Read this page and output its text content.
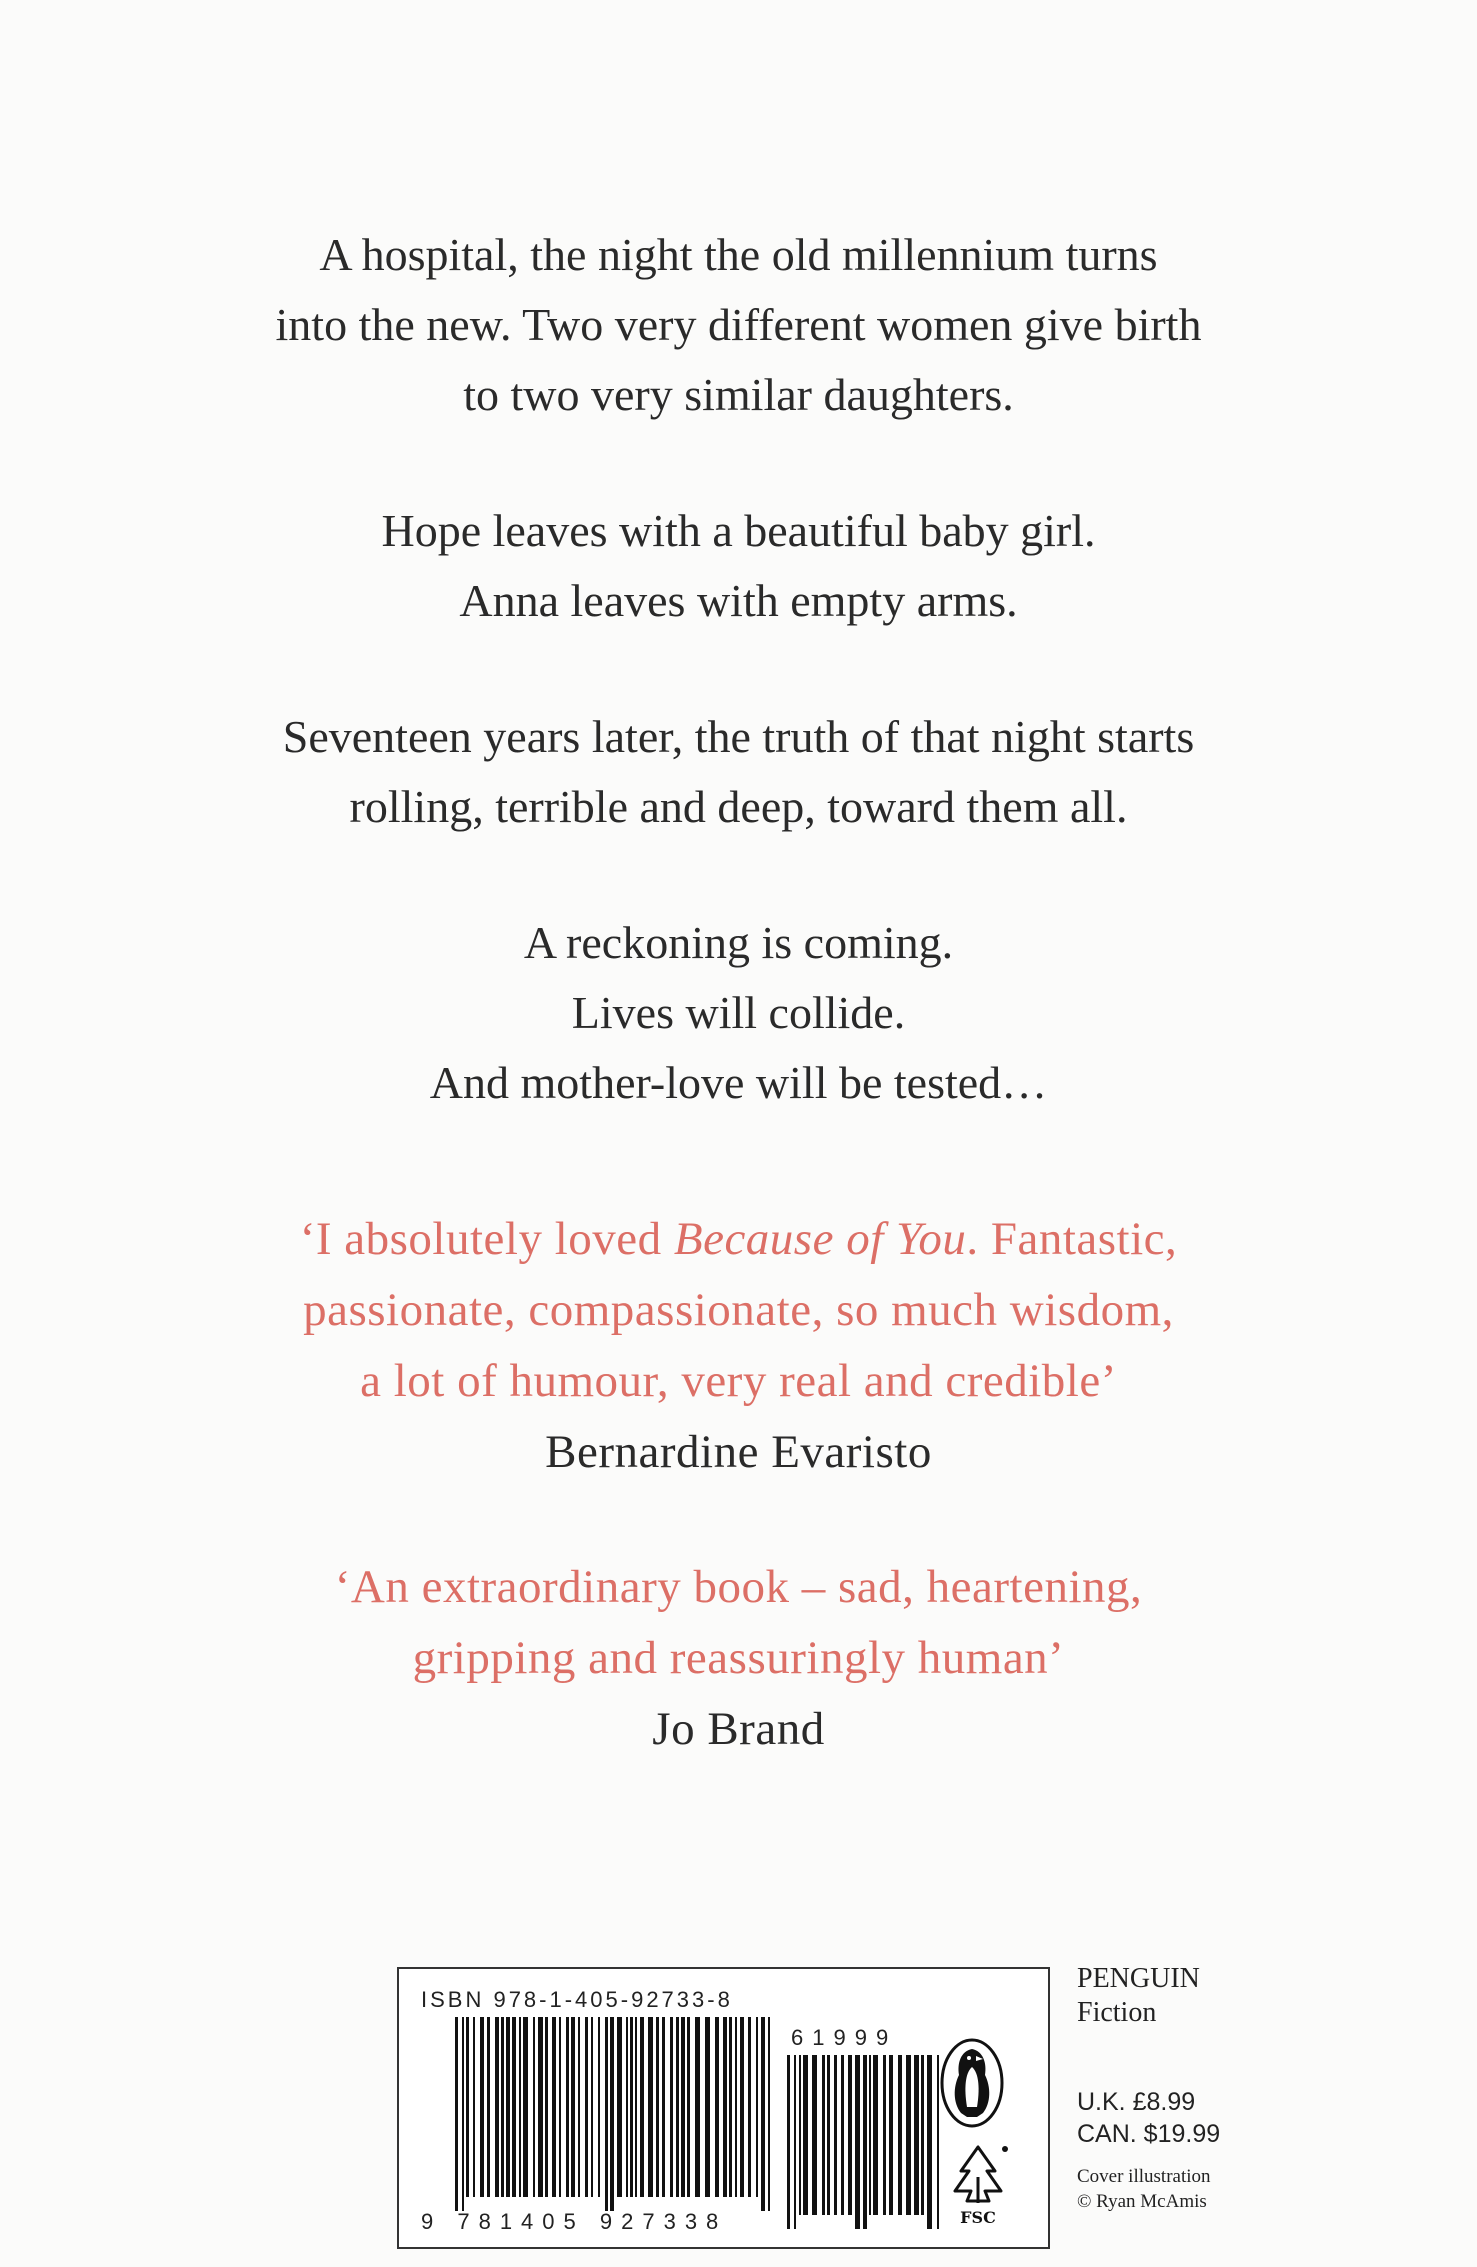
A hospital, the night the old millennium turns

into the new. Two very different women give birth

to two very similar daughters.

Hope leaves with a beautiful baby girl.

Anna leaves with empty arms.

Seventeen years later, the truth of that night starts

rolling, terrible and deep, toward them all.

A reckoning is coming.

Lives will collide.

And mother-love will be tested…

‘I absolutely loved Because of You. Fantastic,

passionate, compassionate, so much wisdom,

a lot of humour, very real and credible’

Bernardine Evaristo

‘An extraordinary book – sad, heartening,

gripping and reassuringly human’

Jo Brand

ISBN 978-1-405-92733-8
9 781405 927338
61999
FSC

PENGUIN

Fiction

U.K. £8.99

CAN. $19.99

Cover illustration

© Ryan McAmis
